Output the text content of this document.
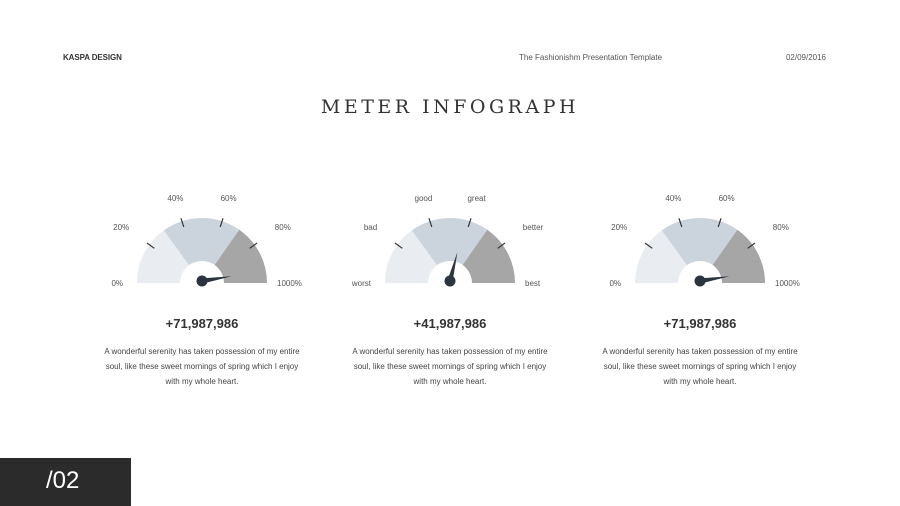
KASPA DESIGN	The Fashionishm Presentation Template	02/09/2016
METER INFOGRAPH
0%
20%
40%	60%
80%
1000%
+71,987,986
A wonderful serenity has taken possession of my entire soul, like these sweet mornings of spring which I enjoy with my whole heart.
worst
bad
good	great
better
best
+41,987,986
A wonderful serenity has taken possession of my entire soul, like these sweet mornings of spring which I enjoy with my whole heart.
0%
20%
40%	60%
80%
1000%
+71,987,986
A wonderful serenity has taken possession of my entire soul, like these sweet mornings of spring which I enjoy with my whole heart.
/02
